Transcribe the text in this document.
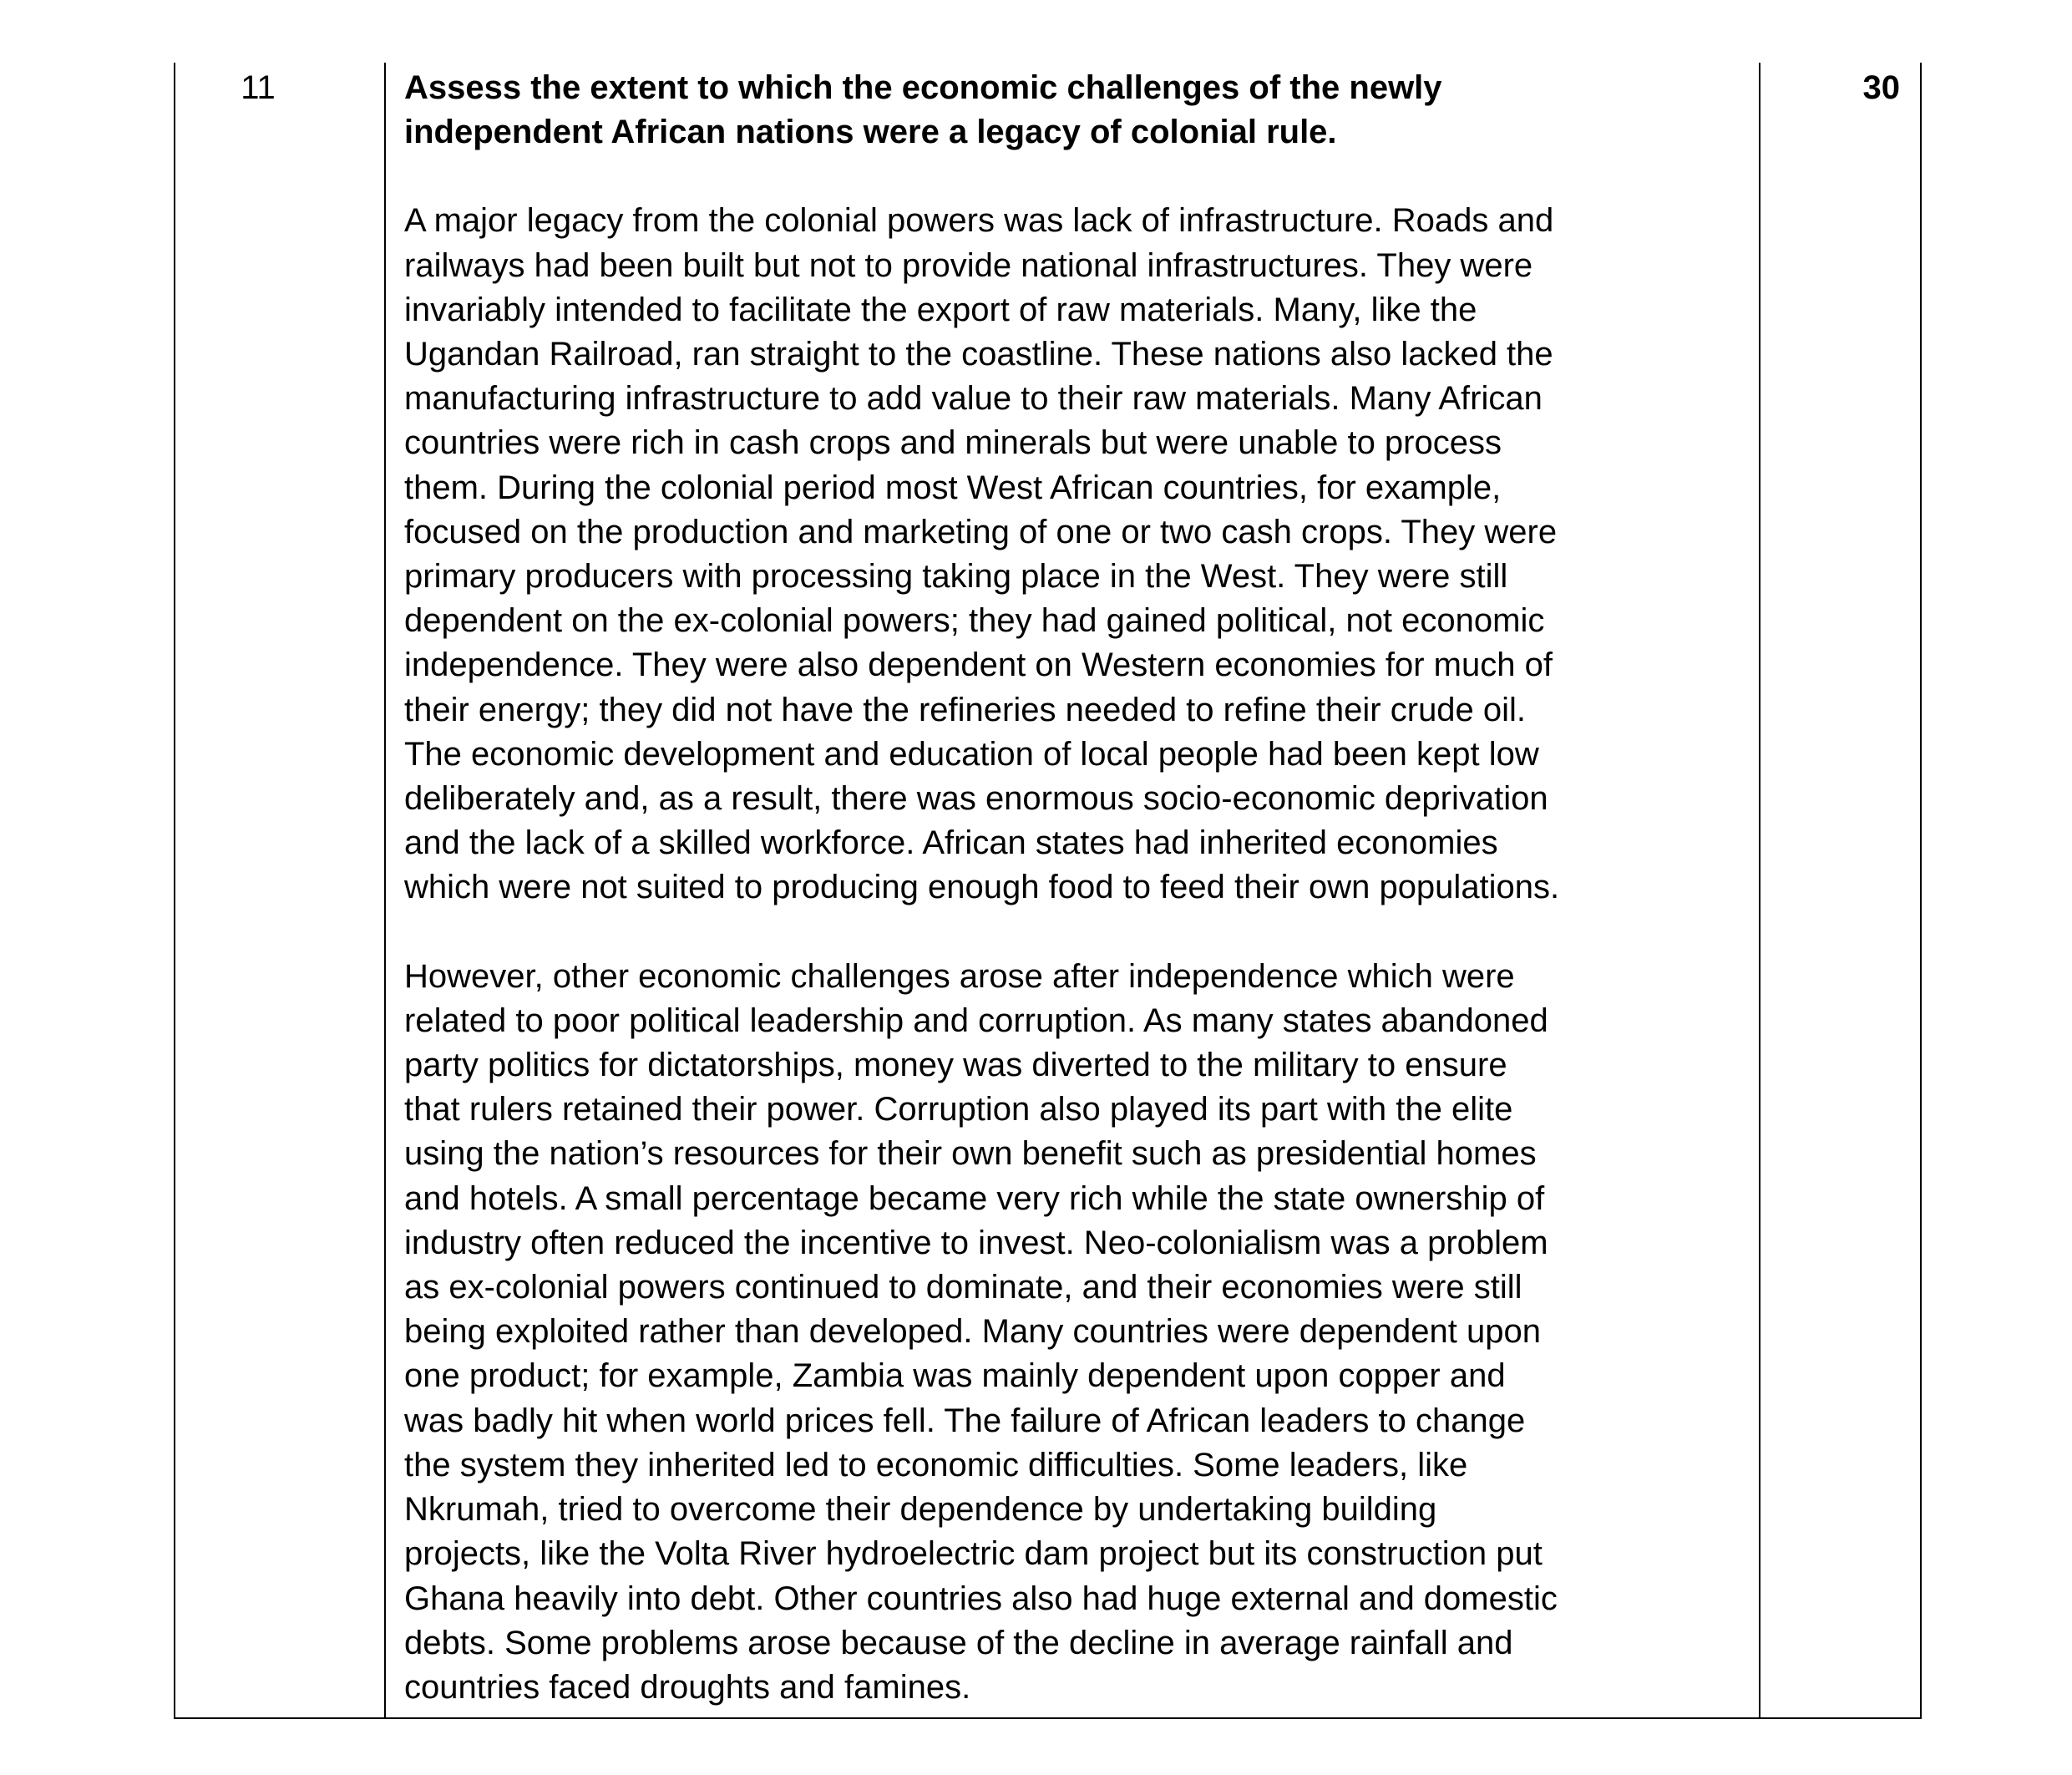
11	Assess the extent to which the economic challenges of the newly
independent African nations were a legacy of colonial rule.

A major legacy from the colonial powers was lack of infrastructure. Roads and
railways had been built but not to provide national infrastructures. They were
invariably intended to facilitate the export of raw materials. Many, like the
Ugandan Railroad, ran straight to the coastline. These nations also lacked the
manufacturing infrastructure to add value to their raw materials. Many African
countries were rich in cash crops and minerals but were unable to process
them. During the colonial period most West African countries, for example,
focused on the production and marketing of one or two cash crops. They were
primary producers with processing taking place in the West. They were still
dependent on the ex-colonial powers; they had gained political, not economic
independence. They were also dependent on Western economies for much of
their energy; they did not have the refineries needed to refine their crude oil.
The economic development and education of local people had been kept low
deliberately and, as a result, there was enormous socio-economic deprivation
and the lack of a skilled workforce. African states had inherited economies
which were not suited to producing enough food to feed their own populations.

However, other economic challenges arose after independence which were
related to poor political leadership and corruption. As many states abandoned
party politics for dictatorships, money was diverted to the military to ensure
that rulers retained their power. Corruption also played its part with the elite
using the nation’s resources for their own benefit such as presidential homes
and hotels. A small percentage became very rich while the state ownership of
industry often reduced the incentive to invest. Neo-colonialism was a problem
as ex-colonial powers continued to dominate, and their economies were still
being exploited rather than developed. Many countries were dependent upon
one product; for example, Zambia was mainly dependent upon copper and
was badly hit when world prices fell. The failure of African leaders to change
the system they inherited led to economic difficulties. Some leaders, like
Nkrumah, tried to overcome their dependence by undertaking building
projects, like the Volta River hydroelectric dam project but its construction put
Ghana heavily into debt. Other countries also had huge external and domestic
debts. Some problems arose because of the decline in average rainfall and
countries faced droughts and famines.

30
